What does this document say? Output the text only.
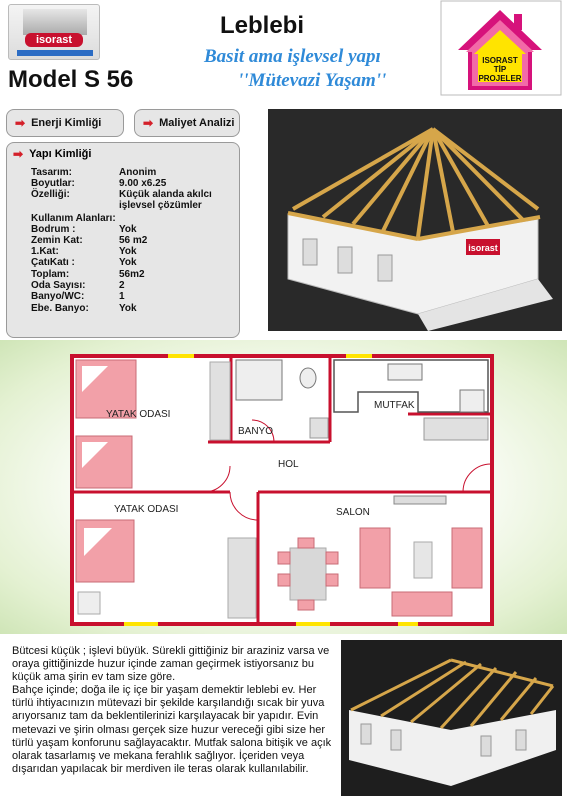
isorast
Leblebi
Basit ama işlevsel yapı
''Mütevazi Yaşam''
Model S 56
ISORAST
TİP
PROJELER
➡ Enerji Kimliği	➡ Maliyet Analizi
➡ Yapı Kimliği
Tasarım:	Anonim
Boyutlar:	9.00 x6.25
Özelliği:	Küçük alanda akılcı
işlevsel çözümler
Kullanım Alanları:
Bodrum :	Yok
Zemin Kat:	56 m2
1.Kat:	Yok
ÇatıKatı :	Yok
Toplam:	56m2
Oda Sayısı:	2
Banyo/WC:	1
Ebe. Banyo:	Yok
isorast
YATAK ODASI
BANYO
MUTFAK
HOL
YATAK ODASI	SALON

Bütcesi küçük ; işlevi büyük. Sürekli gittiğiniz bir araziniz varsa ve oraya gittiğinizde huzur içinde zaman geçirmek istiyorsanız bu küçük ama şirin ev tam size göre.

Bahçe içinde; doğa ile iç içe bir yaşam demektir leblebi ev. Her türlü ihtiyacınızın mütevazi bir şekilde karşılandığı sıcak bir yuva arıyorsanız tam da beklentilerinizi karşılayacak bir yapıdır. Evin metevazi ve şirin olması gerçek size huzur vereceği gibi size her türlü yaşam konforunu sağlayacaktır. Mutfak salona bitişik ve açık olarak tasarlamış ve mekana ferahlık sağlıyor. İçeriden veya dışarıdan yapılacak bir merdiven ile teras olarak kullanılabilir.
